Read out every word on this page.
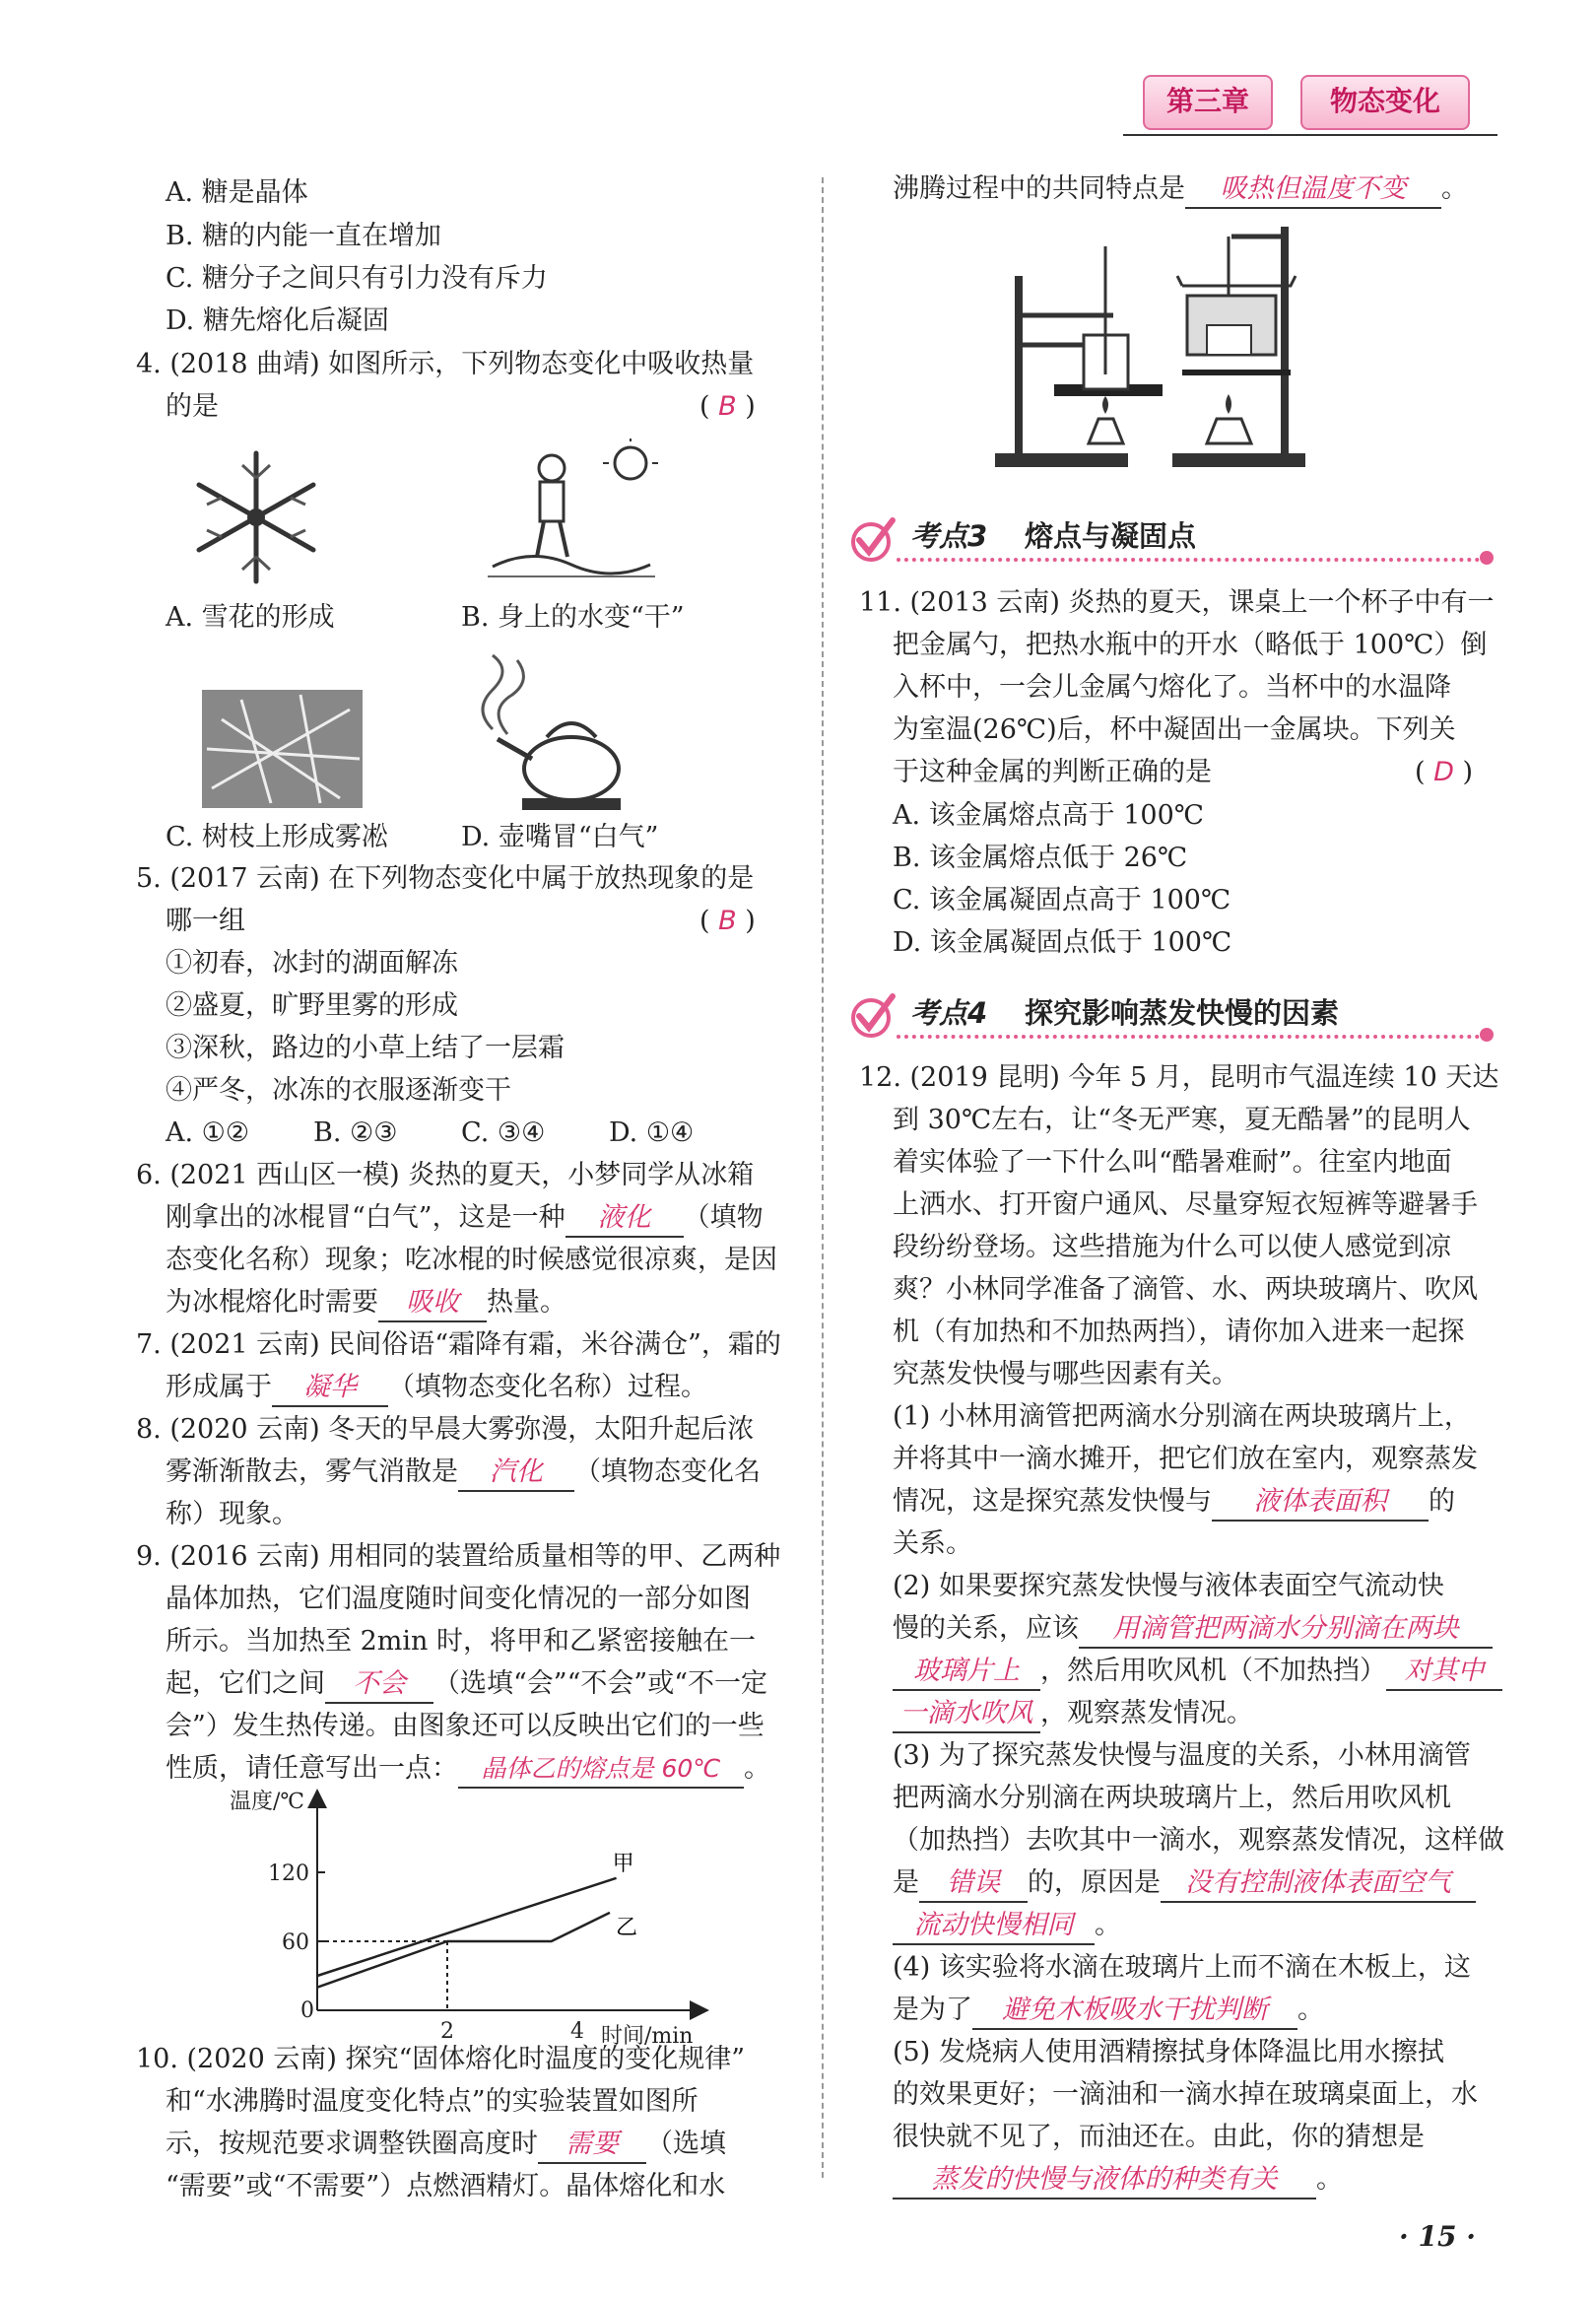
第三章	物态变化
A. 糖是晶体
B. 糖的内能一直在增加
C. 糖分子之间只有引力没有斥力
D. 糖先熔化后凝固
4. (2018 曲靖) 如图所示，下列物态变化中吸收热量
的是	( B )
A. 雪花的形成	B. 身上的水变“干”
C. 树枝上形成雾凇	D. 壶嘴冒“白气”
5. (2017 云南) 在下列物态变化中属于放热现象的是
哪一组	( B )
①初春，冰封的湖面解冻
②盛夏，旷野里雾的形成
③深秋，路边的小草上结了一层霜
④严冬，冰冻的衣服逐渐变干
A. ①② B. ②③ C. ③④ D. ①④
6. (2021 西山区一模) 炎热的夏天，小梦同学从冰箱
刚拿出的冰棍冒“白气”，这是一种 液化 （填物
态变化名称）现象；吃冰棍的时候感觉很凉爽，是因
为冰棍熔化时需要 吸收 热量。
7. (2021 云南) 民间俗语“霜降有霜，米谷满仓”，霜的
形成属于 凝华 （填物态变化名称）过程。
8. (2020 云南) 冬天的早晨大雾弥漫，太阳升起后浓
雾渐渐散去，雾气消散是 汽化 （填物态变化名
称）现象。
9. (2016 云南) 用相同的装置给质量相等的甲、乙两种
晶体加热，它们温度随时间变化情况的一部分如图
所示。当加热至 2min 时，将甲和乙紧密接触在一
起，它们之间 不会 （选填“会”“不会”或“不一定
会”）发生热传递。由图象还可以反映出它们的一些
性质，请任意写出一点： 晶体乙的熔点是 60℃ 。
温度/℃
时间/min
0
2	4
60
120	甲
乙
10. (2020 云南) 探究“固体熔化时温度的变化规律”
和“水沸腾时温度变化特点”的实验装置如图所
示，按规范要求调整铁圈高度时 需要 （选填
“需要”或“不需要”）点燃酒精灯。晶体熔化和水
沸腾过程中的共同特点是 吸热但温度不变 。
考点3 熔点与凝固点
11. (2013 云南) 炎热的夏天，课桌上一个杯子中有一
把金属勺，把热水瓶中的开水（略低于 100℃）倒
入杯中，一会儿金属勺熔化了。当杯中的水温降
为室温(26℃)后，杯中凝固出一金属块。下列关
于这种金属的判断正确的是	( D )
A. 该金属熔点高于 100℃
B. 该金属熔点低于 26℃
C. 该金属凝固点高于 100℃
D. 该金属凝固点低于 100℃
考点4 探究影响蒸发快慢的因素
12. (2019 昆明) 今年 5 月，昆明市气温连续 10 天达
到 30℃左右，让“冬无严寒，夏无酷暑”的昆明人
着实体验了一下什么叫“酷暑难耐”。往室内地面
上洒水、打开窗户通风、尽量穿短衣短裤等避暑手
段纷纷登场。这些措施为什么可以使人感觉到凉
爽？小林同学准备了滴管、水、两块玻璃片、吹风
机（有加热和不加热两挡），请你加入进来一起探
究蒸发快慢与哪些因素有关。
(1) 小林用滴管把两滴水分别滴在两块玻璃片上，
并将其中一滴水摊开，把它们放在室内，观察蒸发
情况，这是探究蒸发快慢与 液体表面积 的
关系。
(2) 如果要探究蒸发快慢与液体表面空气流动快
慢的关系，应该 用滴管把两滴水分别滴在两块
玻璃片上 ，然后用吹风机（不加热挡） 对其中
一滴水吹风 ，观察蒸发情况。
(3) 为了探究蒸发快慢与温度的关系，小林用滴管
把两滴水分别滴在两块玻璃片上，然后用吹风机
（加热挡）去吹其中一滴水，观察蒸发情况，这样做
是 错误 的，原因是 没有控制液体表面空气
流动快慢相同 。
(4) 该实验将水滴在玻璃片上而不滴在木板上，这
是为了 避免木板吸水干扰判断 。
(5) 发烧病人使用酒精擦拭身体降温比用水擦拭
的效果更好；一滴油和一滴水掉在玻璃桌面上，水
很快就不见了，而油还在。由此，你的猜想是
蒸发的快慢与液体的种类有关 。
· 15 ·
